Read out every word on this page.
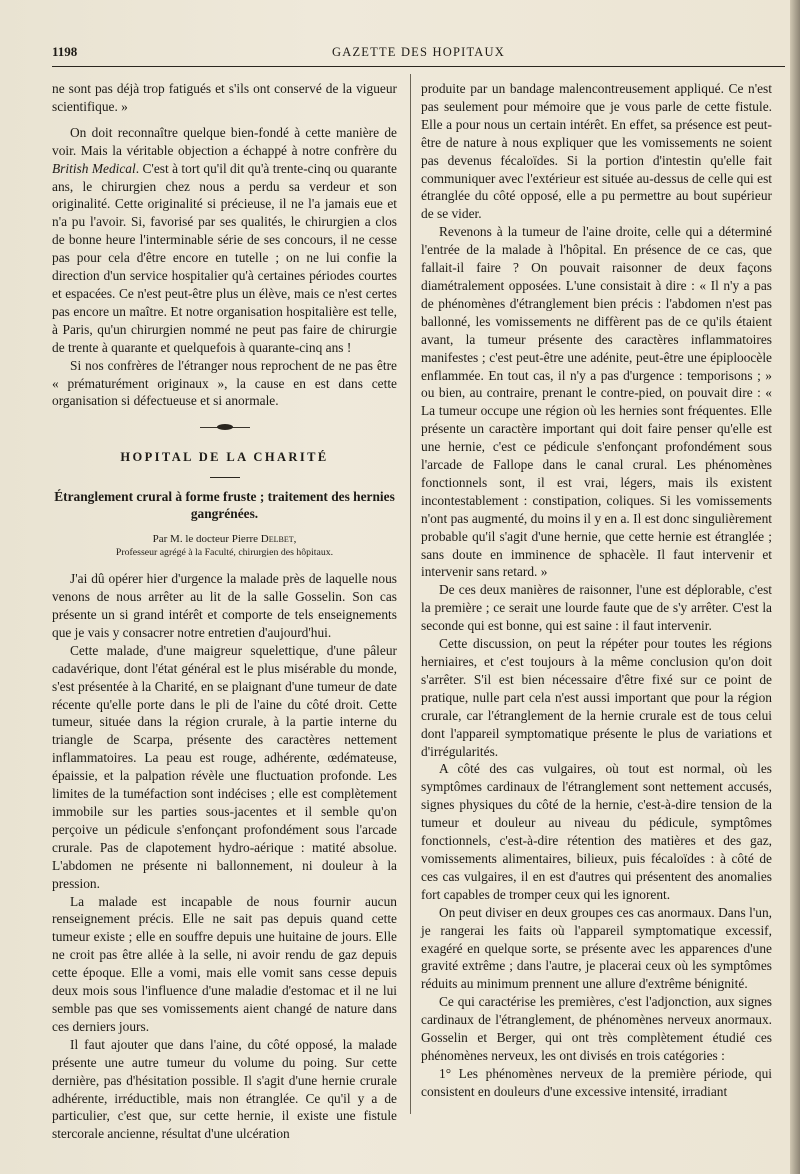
1198	GAZETTE DES HOPITAUX

ne sont pas déjà trop fatigués et s'ils ont conservé de la vigueur scientifique. »

On doit reconnaître quelque bien-fondé à cette manière de voir. Mais la véritable objection a échappé à notre confrère du British Medical. C'est à tort qu'il dit qu'à trente-cinq ou quarante ans, le chirurgien chez nous a perdu sa verdeur et son originalité. Cette originalité si précieuse, il ne l'a jamais eue et n'a pu l'avoir. Si, favorisé par ses qualités, le chirurgien a clos de bonne heure l'interminable série de ses concours, il ne cesse pas pour cela d'être encore en tutelle ; on ne lui confie la direction d'un service hospitalier qu'à certaines périodes courtes et espacées. Ce n'est peut-être plus un élève, mais ce n'est certes pas encore un maître. Et notre organisation hospitalière est telle, à Paris, qu'un chirurgien nommé ne peut pas faire de chirurgie de trente à quarante et quelquefois à quarante-cinq ans !

Si nos confrères de l'étranger nous reprochent de ne pas être « prématurément originaux », la cause en est dans cette organisation si défectueuse et si anormale.

HOPITAL DE LA CHARITÉ
Étranglement crural à forme fruste ; traitement des hernies gangrénées.
Par M. le docteur Pierre Delbet,
Professeur agrégé à la Faculté, chirurgien des hôpitaux.

J'ai dû opérer hier d'urgence la malade près de laquelle nous venons de nous arrêter au lit de la salle Gosselin. Son cas présente un si grand intérêt et comporte de tels enseignements que je vais y consacrer notre entretien d'aujourd'hui.

Cette malade, d'une maigreur squelettique, d'une pâleur cadavérique, dont l'état général est le plus misérable du monde, s'est présentée à la Charité, en se plaignant d'une tumeur de date récente qu'elle porte dans le pli de l'aine du côté droit. Cette tumeur, située dans la région crurale, à la partie interne du triangle de Scarpa, présente des caractères nettement inflammatoires. La peau est rouge, adhérente, œdémateuse, épaissie, et la palpation révèle une fluctuation profonde. Les limites de la tuméfaction sont indécises ; elle est complètement immobile sur les parties sous-jacentes et il semble qu'on perçoive un pédicule s'enfonçant profondément sous l'arcade crurale. Pas de clapotement hydro-aérique : matité absolue. L'abdomen ne présente ni ballonnement, ni douleur à la pression.

La malade est incapable de nous fournir aucun renseignement précis. Elle ne sait pas depuis quand cette tumeur existe ; elle en souffre depuis une huitaine de jours. Elle ne croit pas être allée à la selle, ni avoir rendu de gaz depuis cette époque. Elle a vomi, mais elle vomit sans cesse depuis deux mois sous l'influence d'une maladie d'estomac et il ne lui semble pas que ses vomissements aient changé de nature dans ces derniers jours.

Il faut ajouter que dans l'aine, du côté opposé, la malade présente une autre tumeur du volume du poing. Sur cette dernière, pas d'hésitation possible. Il s'agit d'une hernie crurale adhérente, irréductible, mais non étranglée. Ce qu'il y a de particulier, c'est que, sur cette hernie, il existe une fistule stercorale ancienne, résultat d'une ulcération

produite par un bandage malencontreusement appliqué. Ce n'est pas seulement pour mémoire que je vous parle de cette fistule. Elle a pour nous un certain intérêt. En effet, sa présence est peut-être de nature à nous expliquer que les vomissements ne soient pas devenus fécaloïdes. Si la portion d'intestin qu'elle fait communiquer avec l'extérieur est située au-dessus de celle qui est étranglée du côté opposé, elle a pu permettre au bout supérieur de se vider.

Revenons à la tumeur de l'aine droite, celle qui a déterminé l'entrée de la malade à l'hôpital. En présence de ce cas, que fallait-il faire ? On pouvait raisonner de deux façons diamétralement opposées. L'une consistait à dire : « Il n'y a pas de phénomènes d'étranglement bien précis : l'abdomen n'est pas ballonné, les vomissements ne diffèrent pas de ce qu'ils étaient avant, la tumeur présente des caractères inflammatoires manifestes ; c'est peut-être une adénite, peut-être une épiploocèle enflammée. En tout cas, il n'y a pas d'urgence : temporisons ; » ou bien, au contraire, prenant le contre-pied, on pouvait dire : « La tumeur occupe une région où les hernies sont fréquentes. Elle présente un caractère important qui doit faire penser qu'elle est une hernie, c'est ce pédicule s'enfonçant profondément sous l'arcade de Fallope dans le canal crural. Les phénomènes fonctionnels sont, il est vrai, légers, mais ils existent incontestablement : constipation, coliques. Si les vomissements n'ont pas augmenté, du moins il y en a. Il est donc singulièrement probable qu'il s'agit d'une hernie, que cette hernie est étranglée ; sans doute en imminence de sphacèle. Il faut intervenir et intervenir sans retard. »

De ces deux manières de raisonner, l'une est déplorable, c'est la première ; ce serait une lourde faute que de s'y arrêter. C'est la seconde qui est bonne, qui est saine : il faut intervenir.

Cette discussion, on peut la répéter pour toutes les régions herniaires, et c'est toujours à la même conclusion qu'on doit s'arrêter. S'il est bien nécessaire d'être fixé sur ce point de pratique, nulle part cela n'est aussi important que pour la région crurale, car l'étranglement de la hernie crurale est de tous celui dont l'appareil symptomatique présente le plus de variations et d'irrégularités.

A côté des cas vulgaires, où tout est normal, où les symptômes cardinaux de l'étranglement sont nettement accusés, signes physiques du côté de la hernie, c'est-à-dire tension de la tumeur et douleur au niveau du pédicule, symptômes fonctionnels, c'est-à-dire rétention des matières et des gaz, vomissements alimentaires, bilieux, puis fécaloïdes : à côté de ces cas vulgaires, il en est d'autres qui présentent des anomalies fort capables de tromper ceux qui les ignorent.

On peut diviser en deux groupes ces cas anormaux. Dans l'un, je rangerai les faits où l'appareil symptomatique excessif, exagéré en quelque sorte, se présente avec les apparences d'une gravité extrême ; dans l'autre, je placerai ceux où les symptômes réduits au minimum prennent une allure d'extrême bénignité.

Ce qui caractérise les premières, c'est l'adjonction, aux signes cardinaux de l'étranglement, de phénomènes nerveux anormaux. Gosselin et Berger, qui ont très complètement étudié ces phénomènes nerveux, les ont divisés en trois catégories :

1° Les phénomènes nerveux de la première période, qui consistent en douleurs d'une excessive intensité, irradiant
